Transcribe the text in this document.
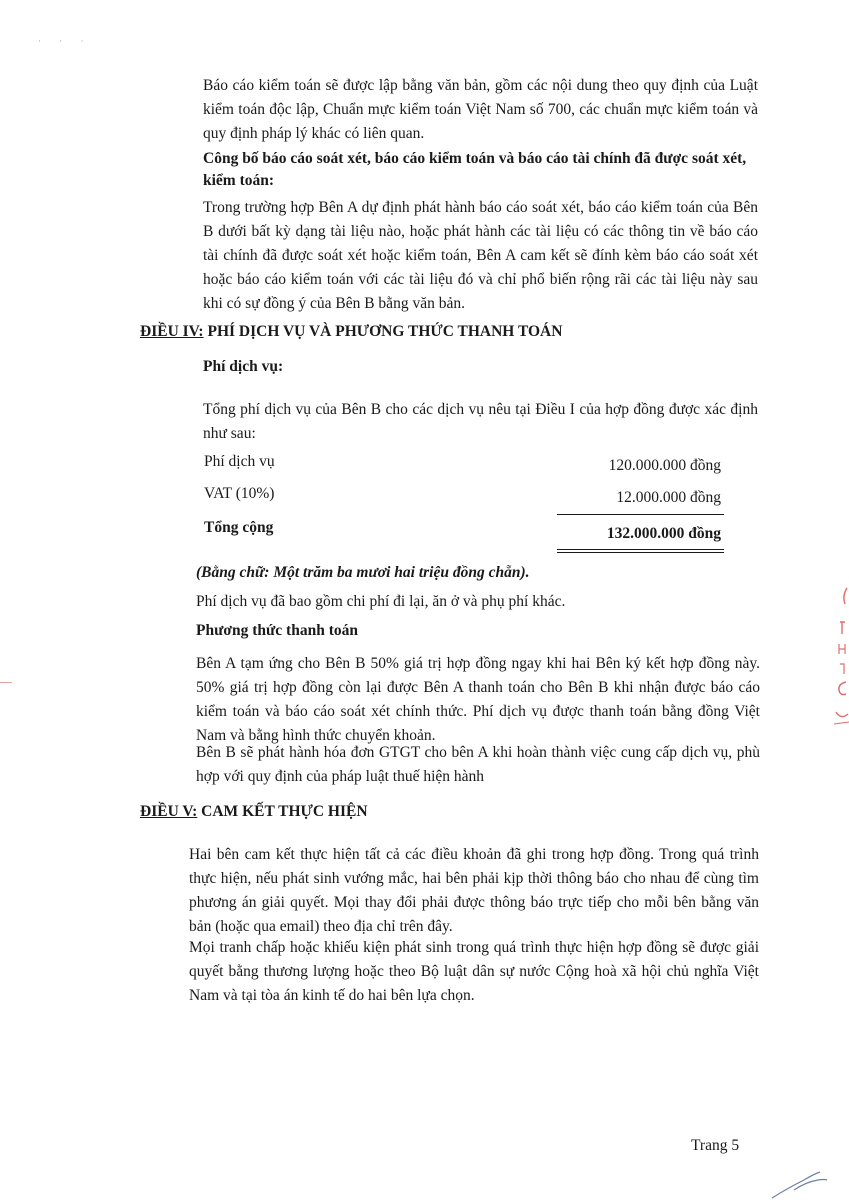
· · ·

Báo cáo kiểm toán sẽ được lập bằng văn bản, gồm các nội dung theo quy định của Luật kiểm toán độc lập, Chuẩn mực kiểm toán Việt Nam số 700, các chuẩn mực kiểm toán và quy định pháp lý khác có liên quan.

Công bố báo cáo soát xét, báo cáo kiểm toán và báo cáo tài chính đã được soát xét, kiểm toán:

Trong trường hợp Bên A dự định phát hành báo cáo soát xét, báo cáo kiểm toán của Bên B dưới bất kỳ dạng tài liệu nào, hoặc phát hành các tài liệu có các thông tin về báo cáo tài chính đã được soát xét hoặc kiểm toán, Bên A cam kết sẽ đính kèm báo cáo soát xét hoặc báo cáo kiểm toán với các tài liệu đó và chỉ phổ biến rộng rãi các tài liệu này sau khi có sự đồng ý của Bên B bằng văn bản.

ĐIỀU IV: PHÍ DỊCH VỤ VÀ PHƯƠNG THỨC THANH TOÁN

Phí dịch vụ:

Tổng phí dịch vụ của Bên B cho các dịch vụ nêu tại Điều I của hợp đồng được xác định như sau:

Phí dịch vụ	120.000.000 đồng
VAT (10%)	12.000.000 đồng
Tổng cộng	132.000.000 đồng

(Bằng chữ: Một trăm ba mươi hai triệu đồng chẵn).

Phí dịch vụ đã bao gồm chi phí đi lại, ăn ở và phụ phí khác.

Phương thức thanh toán

Bên A tạm ứng cho Bên B 50% giá trị hợp đồng ngay khi hai Bên ký kết hợp đồng này. 50% giá trị hợp đồng còn lại được Bên A thanh toán cho Bên B khi nhận được báo cáo kiểm toán và báo cáo soát xét chính thức. Phí dịch vụ được thanh toán bằng đồng Việt Nam và bằng hình thức chuyển khoản.

Bên B sẽ phát hành hóa đơn GTGT cho bên A khi hoàn thành việc cung cấp dịch vụ, phù hợp với quy định của pháp luật thuế hiện hành

ĐIỀU V: CAM KẾT THỰC HIỆN

Hai bên cam kết thực hiện tất cả các điều khoản đã ghi trong hợp đồng. Trong quá trình thực hiện, nếu phát sinh vướng mắc, hai bên phải kịp thời thông báo cho nhau để cùng tìm phương án giải quyết. Mọi thay đổi phải được thông báo trực tiếp cho mỗi bên bằng văn bản (hoặc qua email) theo địa chỉ trên đây.

Mọi tranh chấp hoặc khiếu kiện phát sinh trong quá trình thực hiện hợp đồng sẽ được giải quyết bằng thương lượng hoặc theo Bộ luật dân sự nước Cộng hoà xã hội chủ nghĩa Việt Nam và tại tòa án kinh tế do hai bên lựa chọn.

Trang 5
